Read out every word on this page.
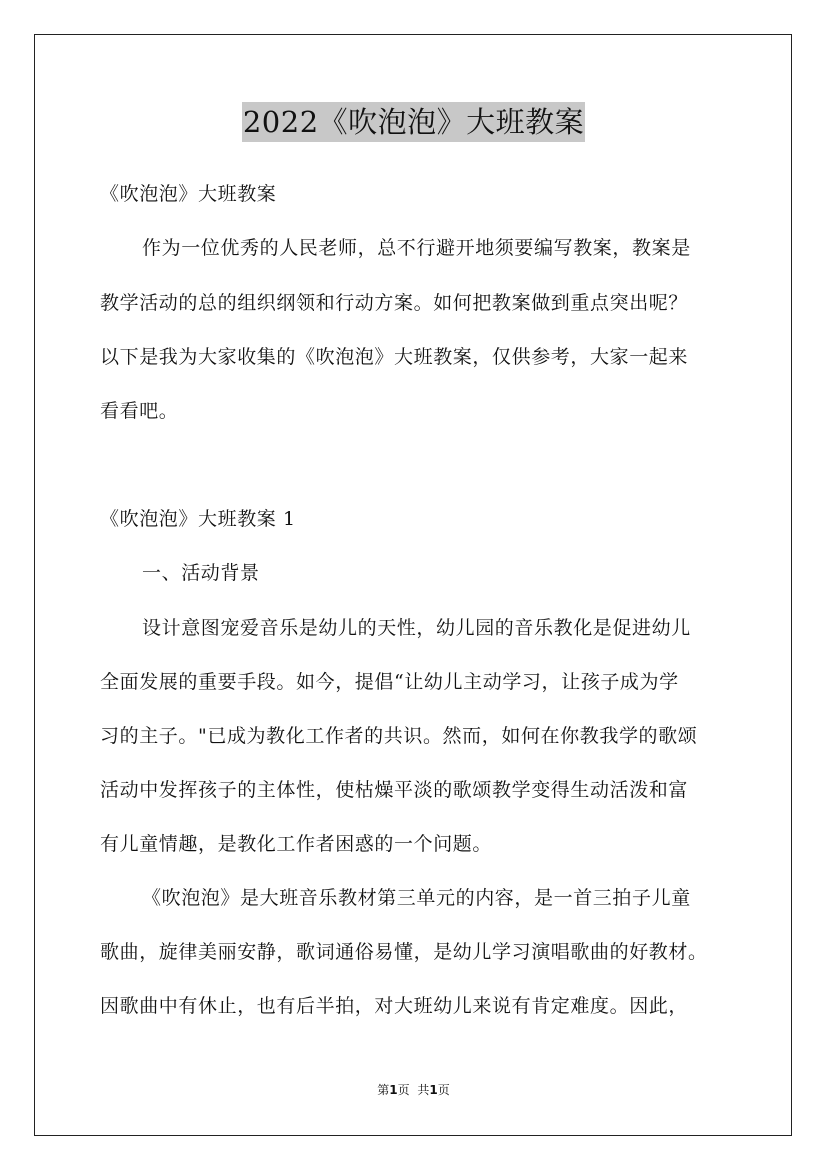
2022《吹泡泡》大班教案
《吹泡泡》大班教案
作为一位优秀的人民老师，总不行避开地须要编写教案，教案是
教学活动的总的组织纲领和行动方案。如何把教案做到重点突出呢？
以下是我为大家收集的《吹泡泡》大班教案，仅供参考，大家一起来
看看吧。
《吹泡泡》大班教案 1
一、活动背景
设计意图宠爱音乐是幼儿的天性，幼儿园的音乐教化是促进幼儿
全面发展的重要手段。如今，提倡“让幼儿主动学习，让孩子成为学
习的主子。"已成为教化工作者的共识。然而，如何在你教我学的歌颂
活动中发挥孩子的主体性，使枯燥平淡的歌颂教学变得生动活泼和富
有儿童情趣，是教化工作者困惑的一个问题。
《吹泡泡》是大班音乐教材第三单元的内容，是一首三拍子儿童
歌曲，旋律美丽安静，歌词通俗易懂，是幼儿学习演唱歌曲的好教材。
因歌曲中有休止，也有后半拍，对大班幼儿来说有肯定难度。因此，
第1页 共1页
